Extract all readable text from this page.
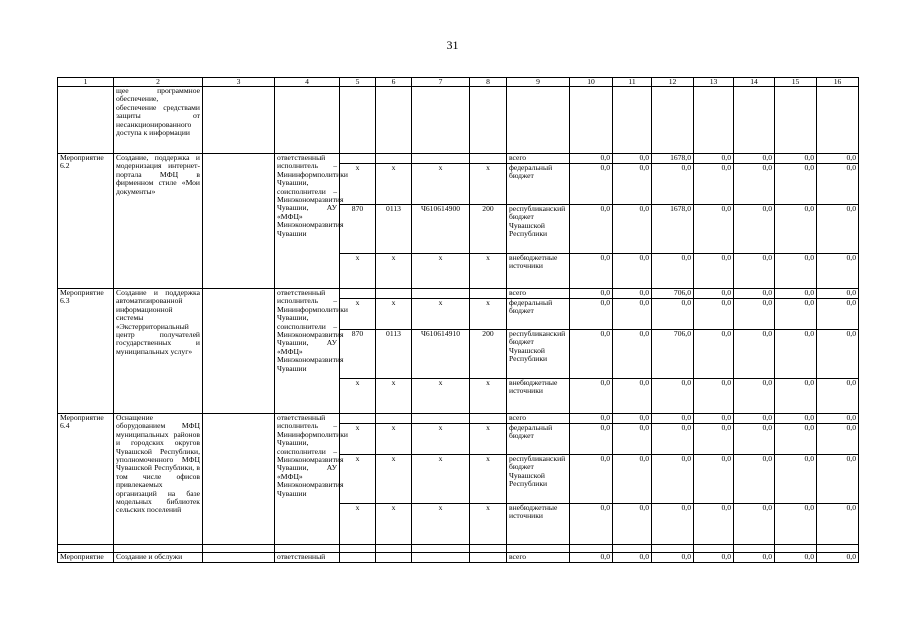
31
1	2	3	4	5	6	7	8	9	10	11	12	13	14	15	16
	щее программное обеспечение, обеспечение средствами защиты от несанкционированного доступа к информации														
Мероприятие 6.2	Создание, поддержка и модернизация интернет-портала МФЦ в фирменном стиле «Мои документы»		ответственный исполнитель – Мининформполитики Чувашии, соисполнители – Минэкономразвития Чувашии, АУ «МФЦ» Минэкономразвития Чувашии					всего	0,0	0,0	1678,0	0,0	0,0	0,0	0,0
				x	x	x	x	федеральный бюджет	0,0	0,0	0,0	0,0	0,0	0,0	0,0
				870	0113	Ч610614900	200	республиканский бюджет Чувашской Республики	0,0	0,0	1678,0	0,0	0,0	0,0	0,0
				x	x	x	x	внебюджетные источники	0,0	0,0	0,0	0,0	0,0	0,0	0,0
Мероприятие 6.3	Создание и поддержка автоматизированной информационной системы «Экстерриториальный центр получателей государственных и муниципальных услуг»		ответственный исполнитель – Мининформполитики Чувашии, соисполнители – Минэкономразвития Чувашии, АУ «МФЦ» Минэкономразвития Чувашии					всего	0,0	0,0	706,0	0,0	0,0	0,0	0,0
				x	x	x	x	федеральный бюджет	0,0	0,0	0,0	0,0	0,0	0,0	0,0
				870	0113	Ч610614910	200	республиканский бюджет Чувашской Республики	0,0	0,0	706,0	0,0	0,0	0,0	0,0
				x	x	x	x	внебюджетные источники	0,0	0,0	0,0	0,0	0,0	0,0	0,0
Мероприятие 6.4	Оснащение оборудованием МФЦ муниципальных районов и городских округов Чувашской Республики, уполномоченного МФЦ Чувашской Республики, в том числе офисов привлекаемых организаций на базе модельных библиотек сельских поселений		ответственный исполнитель – Мининформполитики Чувашии, соисполнители – Минэкономразвития Чувашии, АУ «МФЦ» Минэкономразвития Чувашии					всего	0,0	0,0	0,0	0,0	0,0	0,0	0,0
				x	x	x	x	федеральный бюджет	0,0	0,0	0,0	0,0	0,0	0,0	0,0
				x	x	x	x	республиканский бюджет Чувашской Республики	0,0	0,0	0,0	0,0	0,0	0,0	0,0
				x	x	x	x	внебюджетные источники	0,0	0,0	0,0	0,0	0,0	0,0	0,0

Мероприятие	Создание и обслужи		ответственный					всего	0,0	0,0	0,0	0,0	0,0	0,0	0,0
